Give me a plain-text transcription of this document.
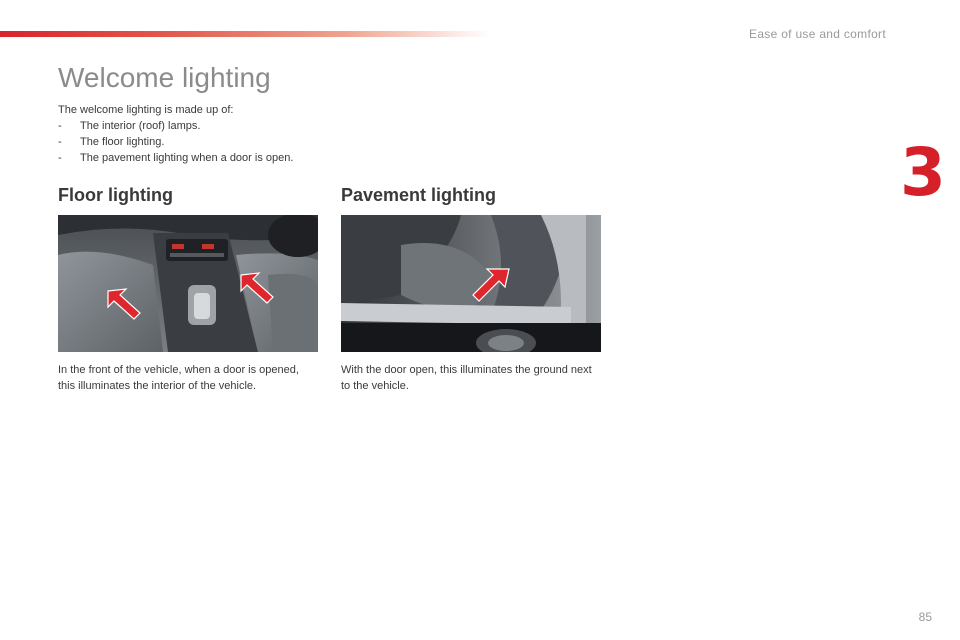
Ease of use and comfort
3
Welcome lighting
The welcome lighting is made up of:
- The interior (roof) lamps.
- The floor lighting.
- The pavement lighting when a door is open.
Floor lighting
In the front of the vehicle, when a door is opened, this illuminates the interior of the vehicle.
Pavement lighting
With the door open, this illuminates the ground next to the vehicle.
85
